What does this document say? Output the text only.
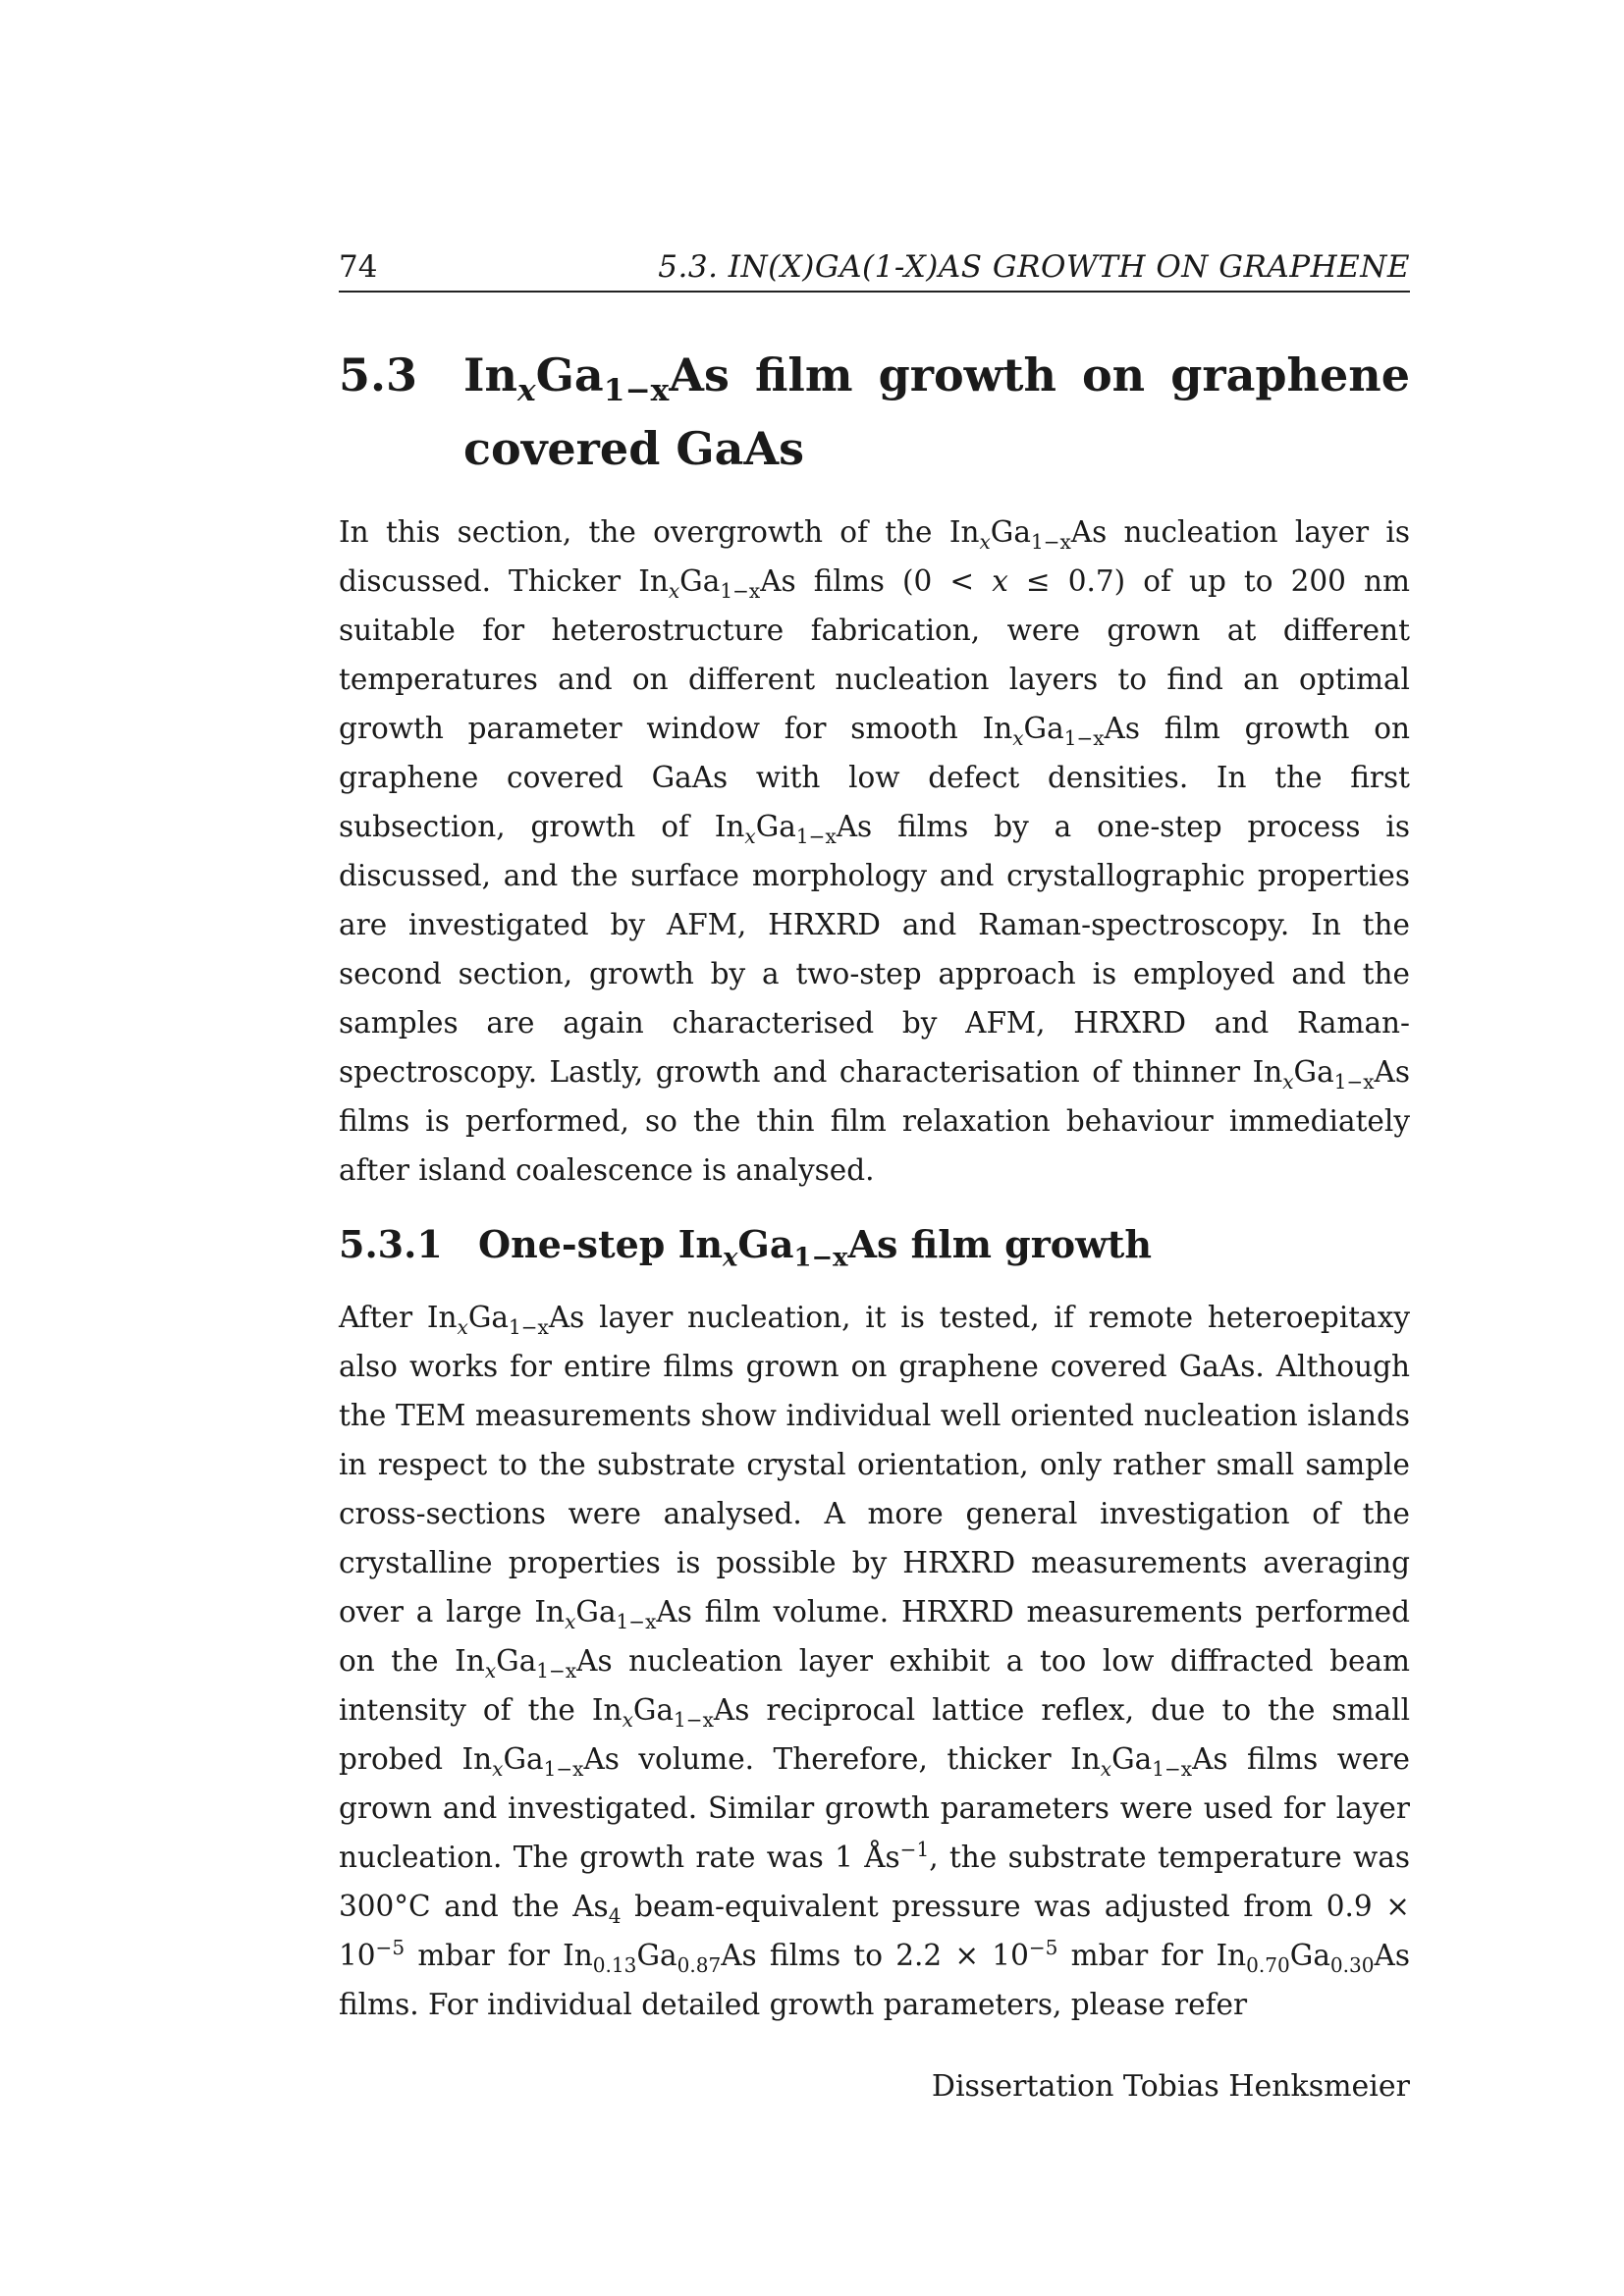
74	5.3. IN(X)GA(1-X)AS GROWTH ON GRAPHENE
5.3 $In_xGa_{1-x}As$ film growth on graphene
covered GaAs
In this section, the overgrowth of the $In_xGa_{1-x}As$ nucleation layer is discussed. Thicker $In_xGa_{1-x}As$ films (0 < x ≤ 0.7) of up to 200 nm suitable for heterostructure fabrication, were grown at different temperatures and on different nucleation layers to find an optimal growth parameter window for smooth $In_xGa_{1-x}As$ film growth on graphene covered GaAs with low defect densities. In the first subsection, growth of $In_xGa_{1-x}As$ films by a one-step process is discussed, and the surface morphology and crystallographic properties are investigated by AFM, HRXRD and Raman-spectroscopy. In the second section, growth by a two-step approach is employed and the samples are again characterised by AFM, HRXRD and Raman-spectroscopy. Lastly, growth and characterisation of thinner $In_xGa_{1-x}As$ films is performed, so the thin film relaxation behaviour immediately after island coalescence is analysed.
5.3.1 One-step $In_xGa_{1-x}As$ film growth
After $In_xGa_{1-x}As$ layer nucleation, it is tested, if remote heteroepitaxy also works for entire films grown on graphene covered GaAs. Although the TEM measurements show individual well oriented nucleation islands in respect to the substrate crystal orientation, only rather small sample cross-sections were analysed. A more general investigation of the crystalline properties is possible by HRXRD measurements averaging over a large $In_xGa_{1-x}As$ film volume. HRXRD measurements performed on the $In_xGa_{1-x}As$ nucleation layer exhibit a too low diffracted beam intensity of the $In_xGa_{1-x}As$ reciprocal lattice reflex, due to the small probed $In_xGa_{1-x}As$ volume. Therefore, thicker $In_xGa_{1-x}As$ films were grown and investigated. Similar growth parameters were used for layer nucleation. The growth rate was 1 $Ås^{-1}$, the substrate temperature was 300°C and the $As_4$ beam-equivalent pressure was adjusted from $0.9 \times 10^{-5}$ mbar for $In_{0.13}Ga_{0.87}As$ films to $2.2 \times 10^{-5}$ mbar for $In_{0.70}Ga_{0.30}As$ films. For individual detailed growth parameters, please refer
Dissertation Tobias Henksmeier
